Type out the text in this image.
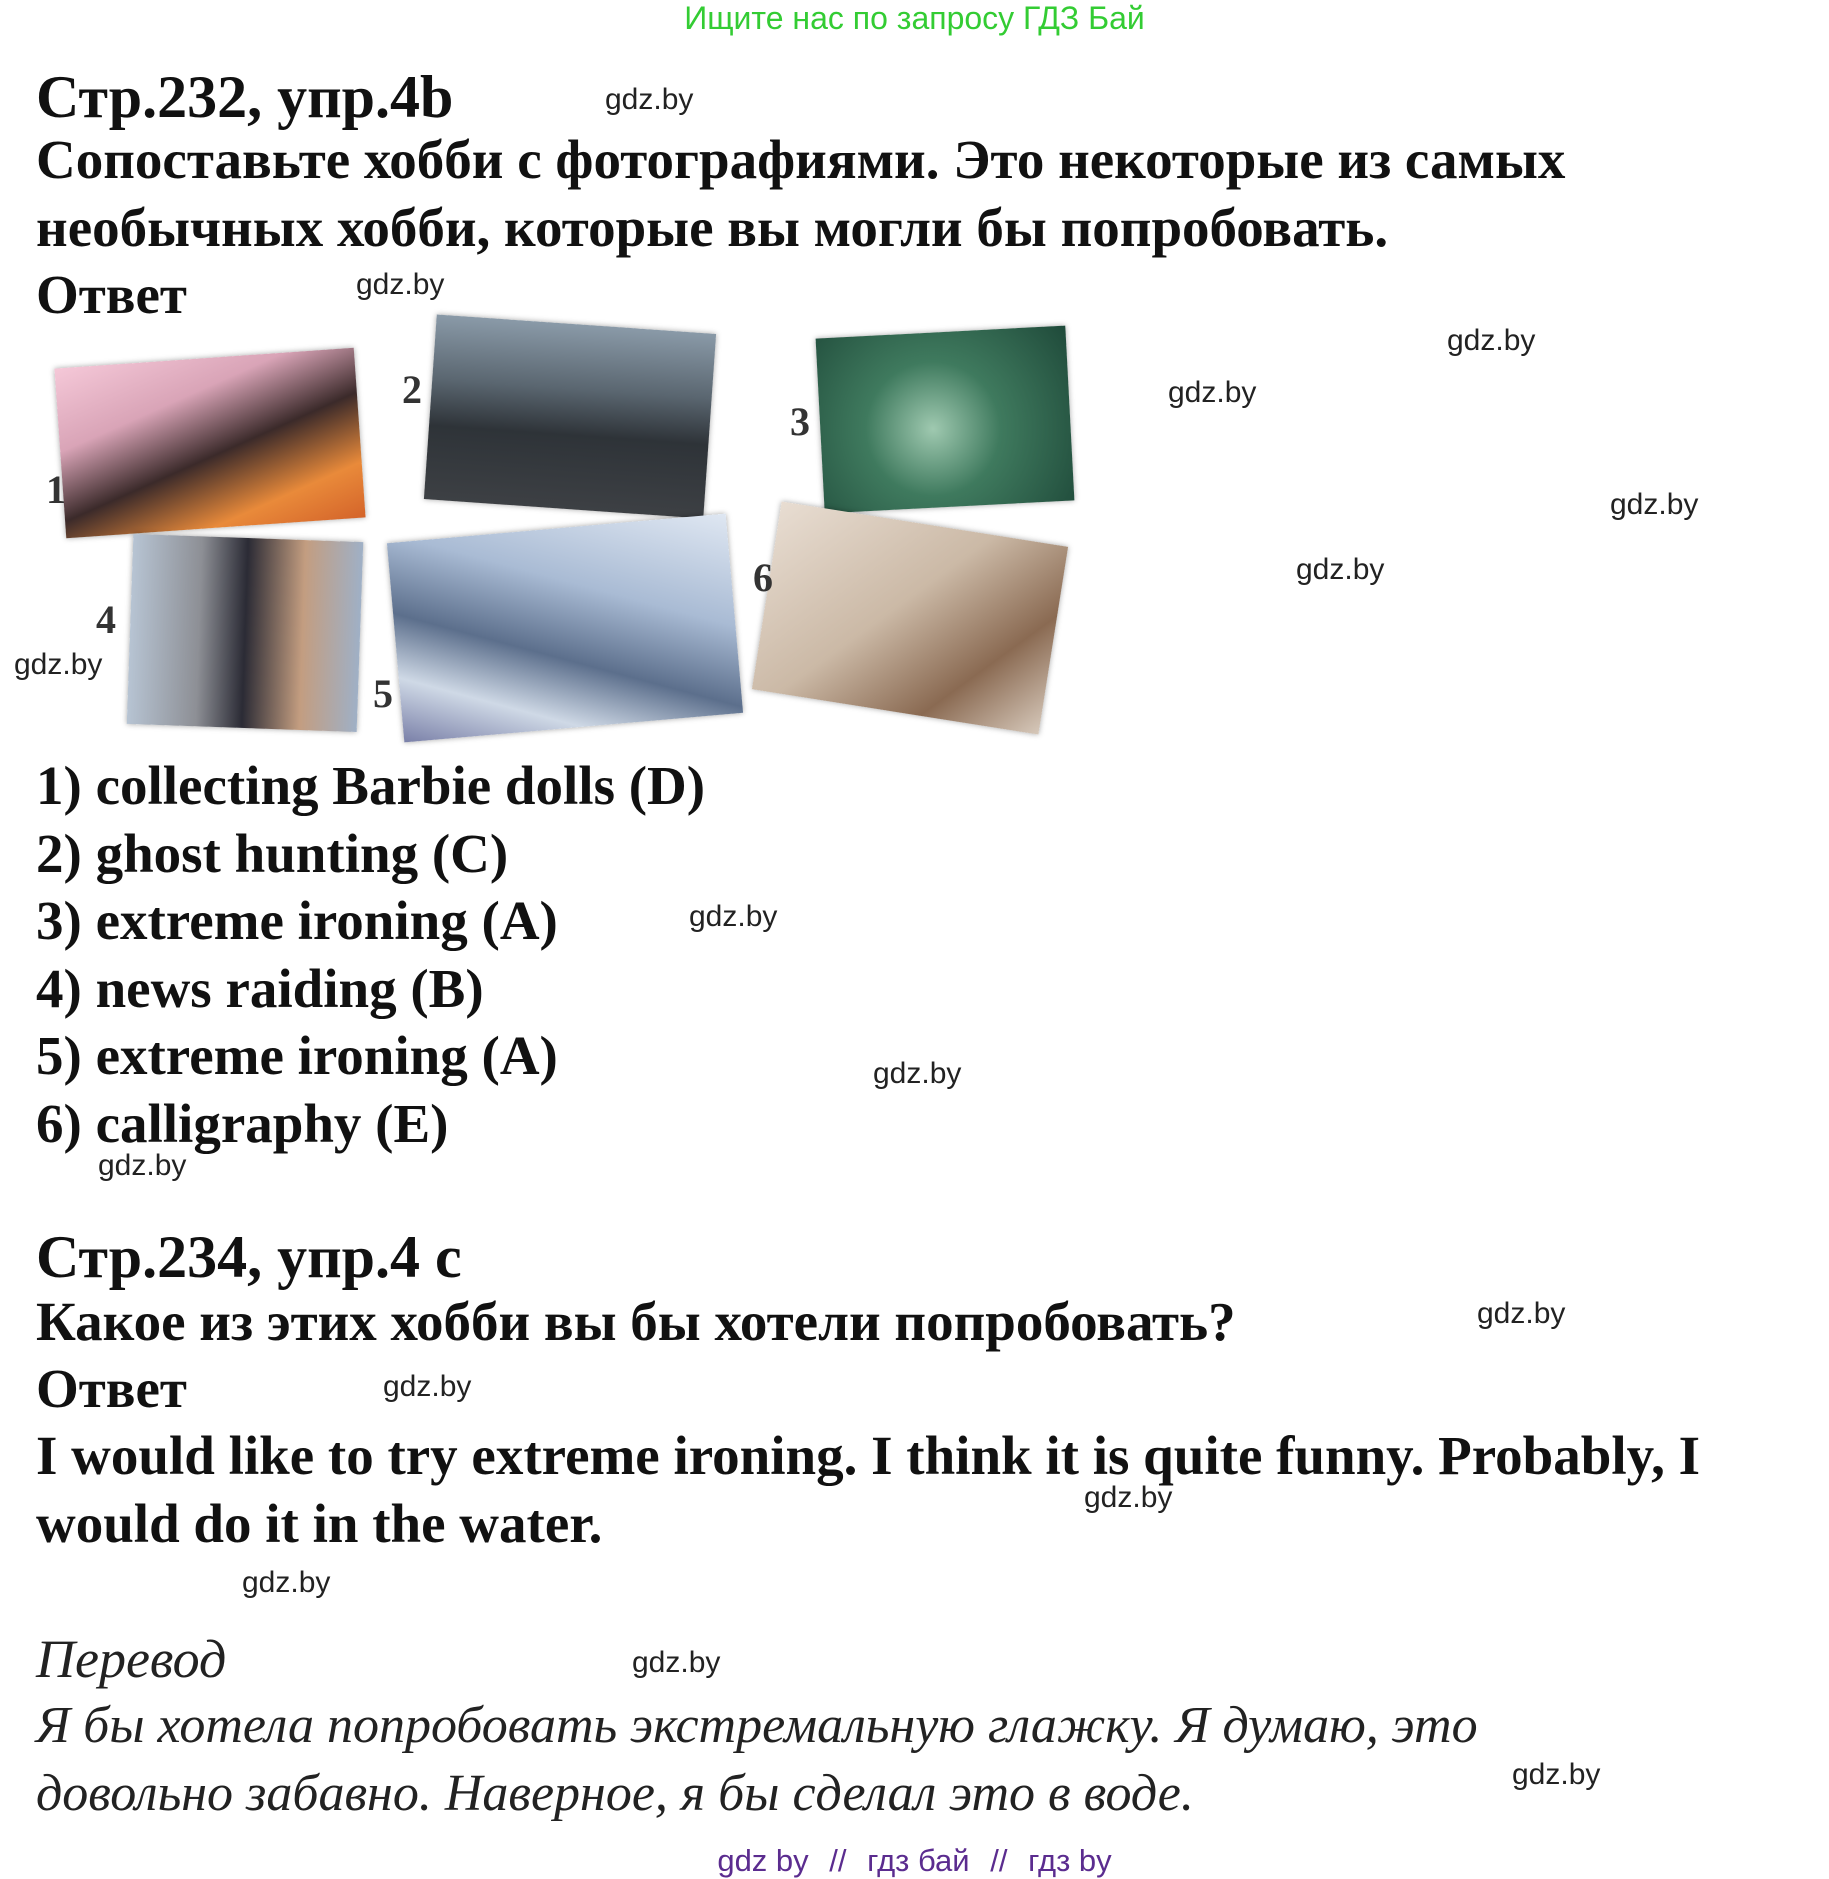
Ищите нас по запросу ГДЗ Бай
Стр.232, упр.4b
Сопоставьте хобби с фотографиями. Это некоторые из самых
необычных хобби, которые вы могли бы попробовать.
Ответ
1
2
3
4
5
6
1) collecting Barbie dolls (D)
2) ghost hunting (C)
3) extreme ironing (A)
4) news raiding (B)
5) extreme ironing (A)
6) calligraphy (E)
Стр.234, упр.4 с
Какое из этих хобби вы бы хотели попробовать?
Ответ
I would like to try extreme ironing. I think it is quite funny. Probably, I
would do it in the water.
Перевод
Я бы хотела попробовать экстремальную глажку. Я думаю, это
довольно забавно. Наверное, я бы сделал это в воде.
gdz.by
gdz.by
gdz.by
gdz.by
gdz.by
gdz.by
gdz.by
gdz.by
gdz.by
gdz.by
gdz.by
gdz.by
gdz.by
gdz.by
gdz.by
gdz.by
gdz by // гдз бай // гдз by
